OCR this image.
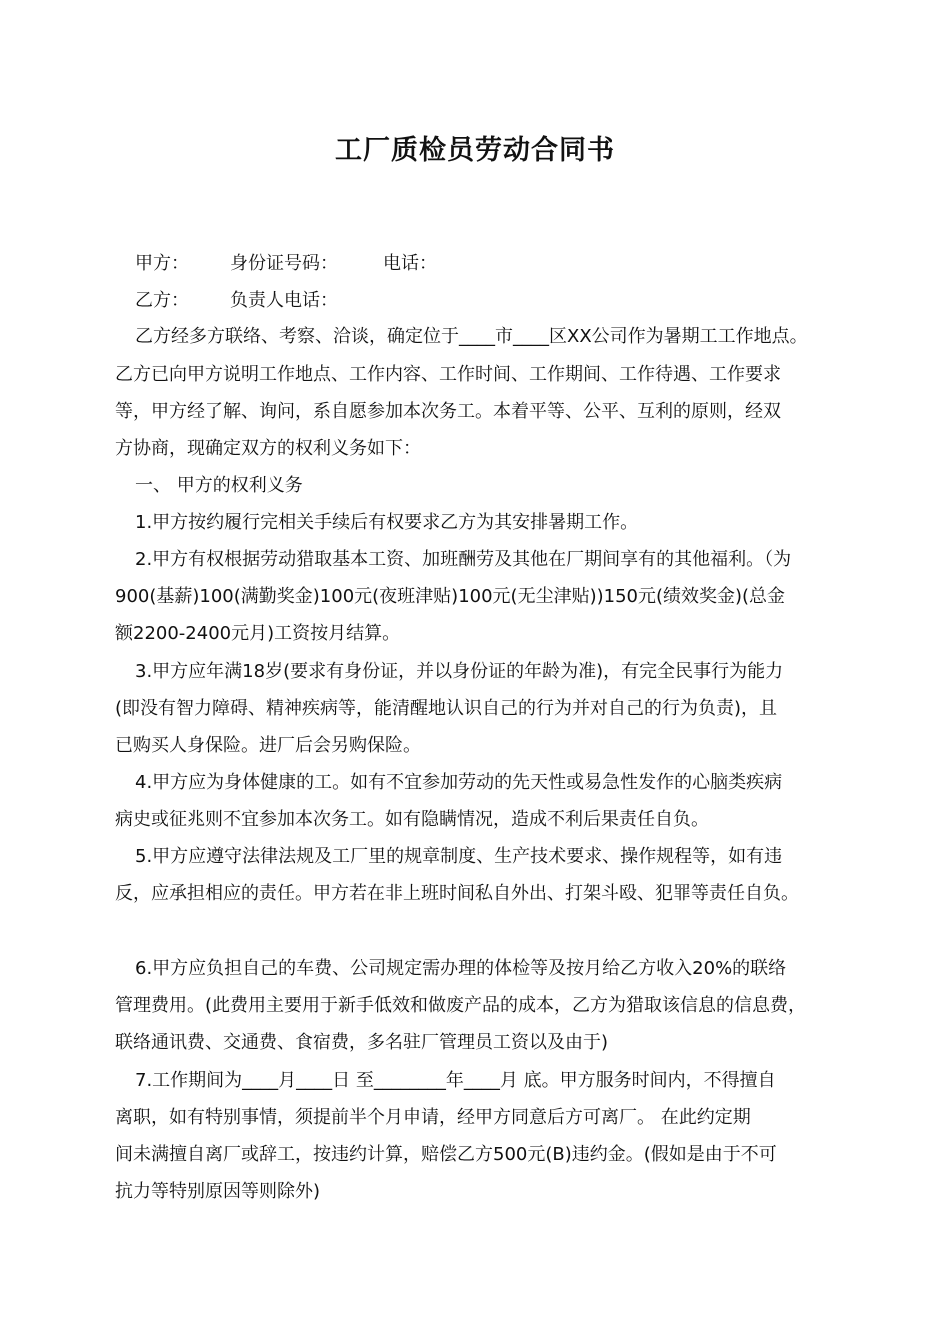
工厂质检员劳动合同书
甲方： 身份证号码：	电话：
乙方： 负责人电话：

乙方经多方联络、考察、洽谈，确定位于____市____区XX公司作为暑期工工作地点。

乙方已向甲方说明工作地点、工作内容、工作时间、工作期间、工作待遇、工作要求

等，甲方经了解、询问，系自愿参加本次务工。本着平等、公平、互利的原则，经双

方协商，现确定双方的权利义务如下：

一、 甲方的权利义务

1.甲方按约履行完相关手续后有权要求乙方为其安排暑期工作。

2.甲方有权根据劳动猎取基本工资、加班酬劳及其他在厂期间享有的其他福利。（为

900(基薪)100(满勤奖金)100元(夜班津贴)100元(无尘津贴))150元(绩效奖金)(总金

额2200-2400元月)工资按月结算。

3.甲方应年满18岁(要求有身份证，并以身份证的年龄为准)，有完全民事行为能力

(即没有智力障碍、精神疾病等，能清醒地认识自己的行为并对自己的行为负责)，且

已购买人身保险。进厂后会另购保险。

4.甲方应为身体健康的工。如有不宜参加劳动的先天性或易急性发作的心脑类疾病

病史或征兆则不宜参加本次务工。如有隐瞒情况，造成不利后果责任自负。

5.甲方应遵守法律法规及工厂里的规章制度、生产技术要求、操作规程等，如有违

反，应承担相应的责任。甲方若在非上班时间私自外出、打架斗殴、犯罪等责任自负。

6.甲方应负担自己的车费、公司规定需办理的体检等及按月给乙方收入20%的联络

管理费用。(此费用主要用于新手低效和做废产品的成本，乙方为猎取该信息的信息费，

联络通讯费、交通费、食宿费，多名驻厂管理员工资以及由于)

7.工作期间为____月____日 至________年____月 底。甲方服务时间内，不得擅自

离职，如有特别事情，须提前半个月申请，经甲方同意后方可离厂。 在此约定期

间未满擅自离厂或辞工，按违约计算，赔偿乙方500元(B)违约金。(假如是由于不可

抗力等特别原因等则除外)
